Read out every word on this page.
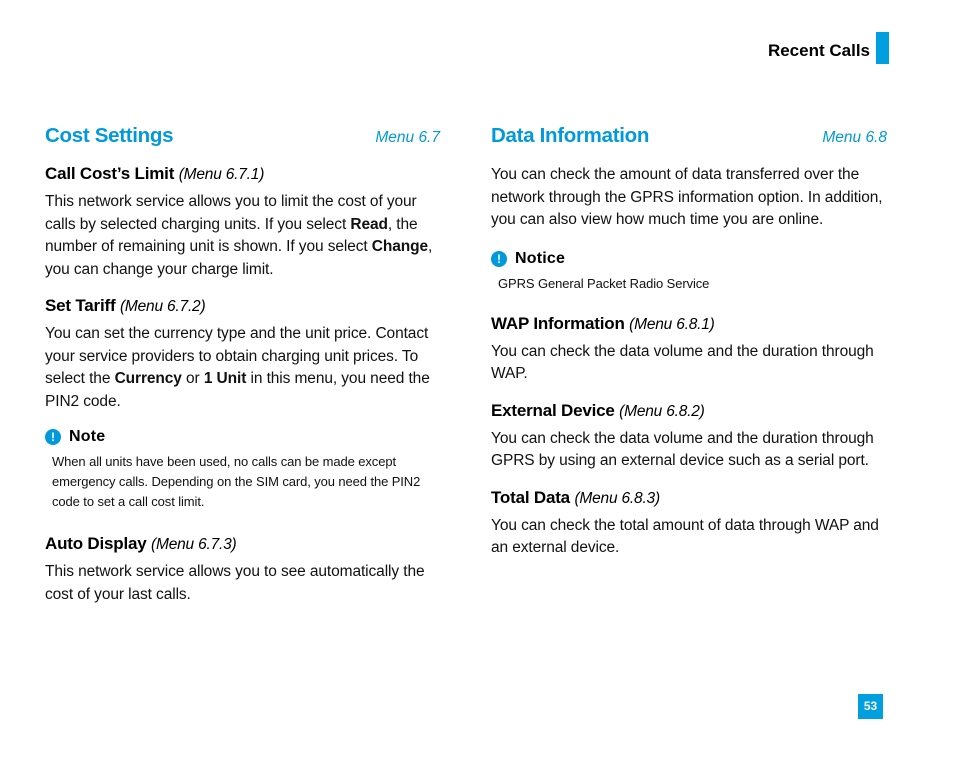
Recent Calls
Cost Settings	Menu 6.7
Call Cost’s Limit (Menu 6.7.1)

This network service allows you to limit the cost of your calls by selected charging units. If you select Read, the number of remaining unit is shown. If you select Change, you can change your charge limit.

Set Tariff (Menu 6.7.2)

You can set the currency type and the unit price. Contact your service providers to obtain charging unit prices. To select the Currency or 1 Unit in this menu, you need the PIN2 code.

! Note

When all units have been used, no calls can be made except emergency calls. Depending on the SIM card, you need the PIN2 code to set a call cost limit.

Auto Display (Menu 6.7.3)

This network service allows you to see automatically the cost of your last calls.

Data Information	Menu 6.8

You can check the amount of data transferred over the network through the GPRS information option. In addition, you can also view how much time you are online.

! Notice

GPRS General Packet Radio Service

WAP Information (Menu 6.8.1)

You can check the data volume and the duration through WAP.

External Device (Menu 6.8.2)

You can check the data volume and the duration through GPRS by using an external device such as a serial port.

Total Data (Menu 6.8.3)

You can check the total amount of data through WAP and an external device.

53
